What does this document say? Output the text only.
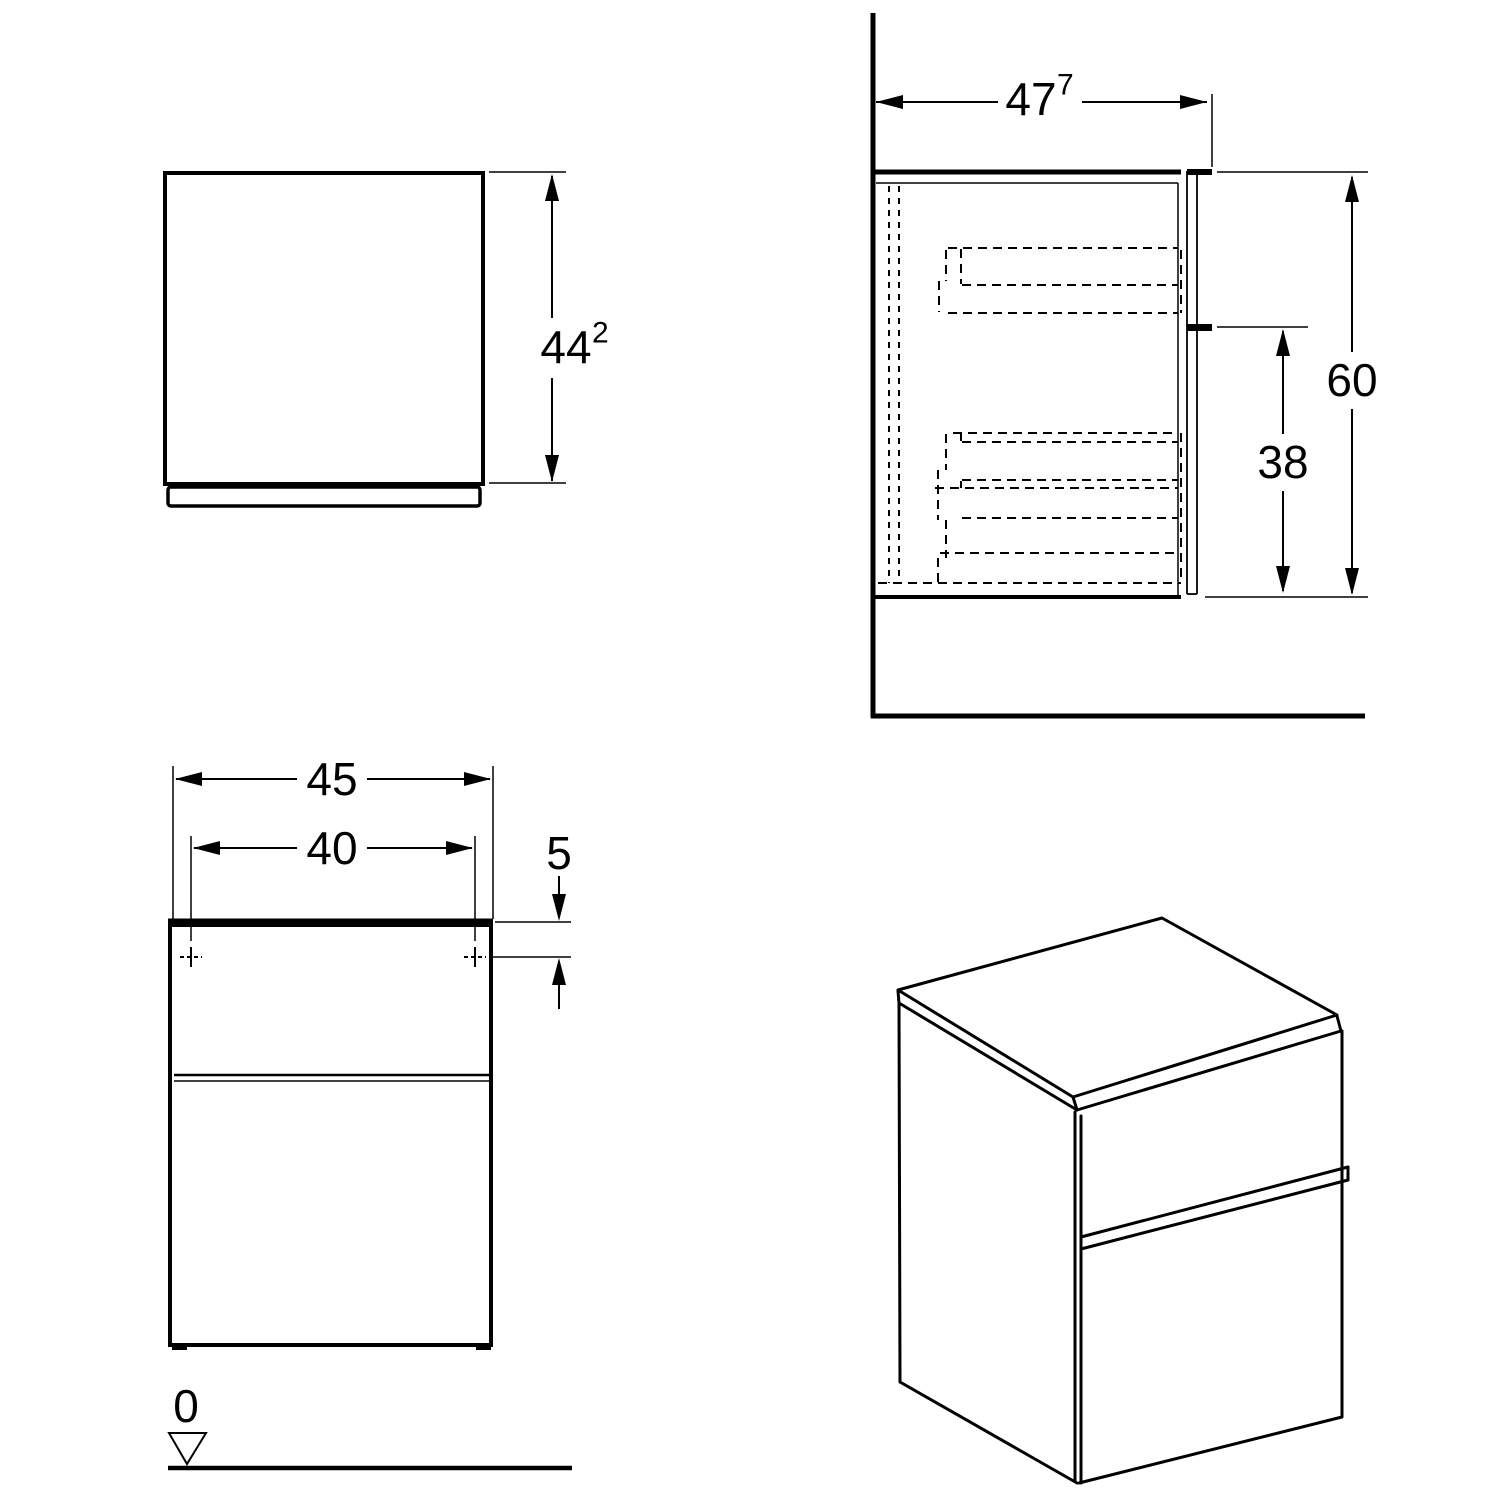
44 2
47 7
60
38
45
40	5
0
